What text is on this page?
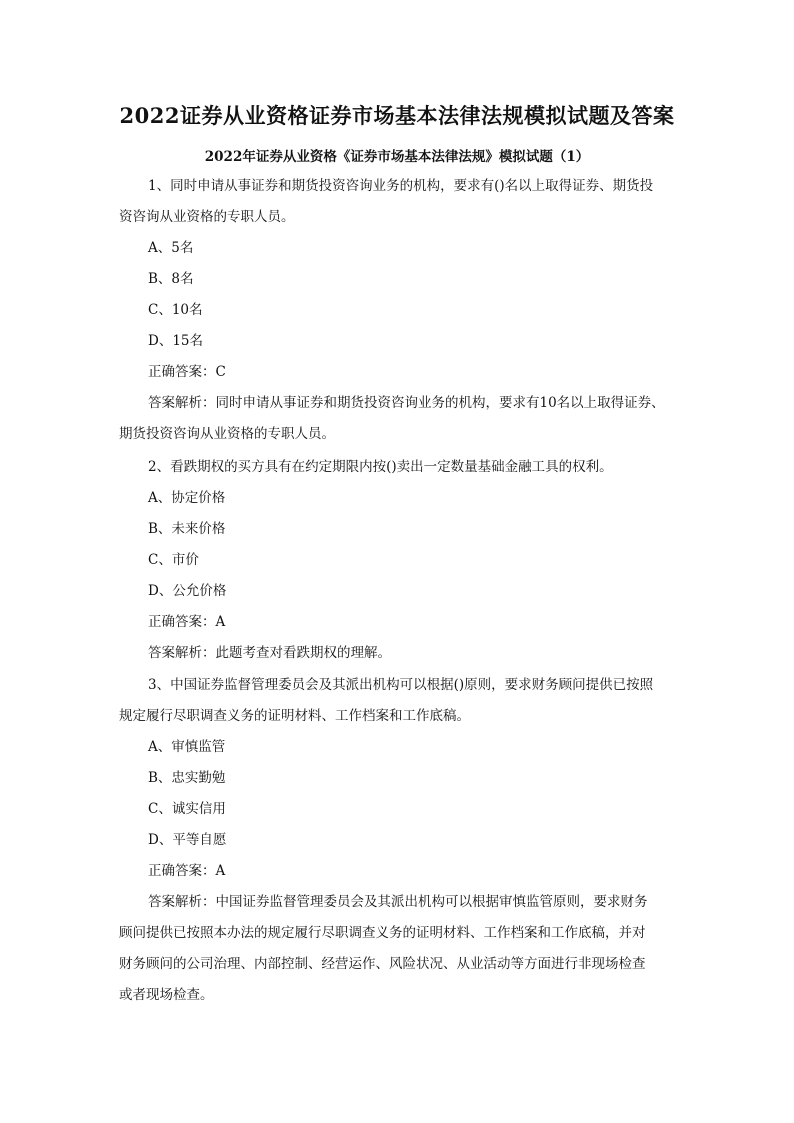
2022证券从业资格证券市场基本法律法规模拟试题及答案
2022年证券从业资格《证券市场基本法律法规》模拟试题（1）
1、同时申请从事证券和期货投资咨询业务的机构，要求有()名以上取得证券、期货投
资咨询从业资格的专职人员。
A、5名
B、8名
C、10名
D、15名
正确答案：C
答案解析：同时申请从事证券和期货投资咨询业务的机构，要求有10名以上取得证券、
期货投资咨询从业资格的专职人员。
2、看跌期权的买方具有在约定期限内按()卖出一定数量基础金融工具的权利。
A、协定价格
B、未来价格
C、市价
D、公允价格
正确答案：A
答案解析：此题考查对看跌期权的理解。
3、中国证券监督管理委员会及其派出机构可以根据()原则，要求财务顾问提供已按照
规定履行尽职调查义务的证明材料、工作档案和工作底稿。
A、审慎监管
B、忠实勤勉
C、诚实信用
D、平等自愿
正确答案：A
答案解析：中国证券监督管理委员会及其派出机构可以根据审慎监管原则，要求财务
顾问提供已按照本办法的规定履行尽职调查义务的证明材料、工作档案和工作底稿，并对
财务顾问的公司治理、内部控制、经营运作、风险状况、从业活动等方面进行非现场检查
或者现场检查。
